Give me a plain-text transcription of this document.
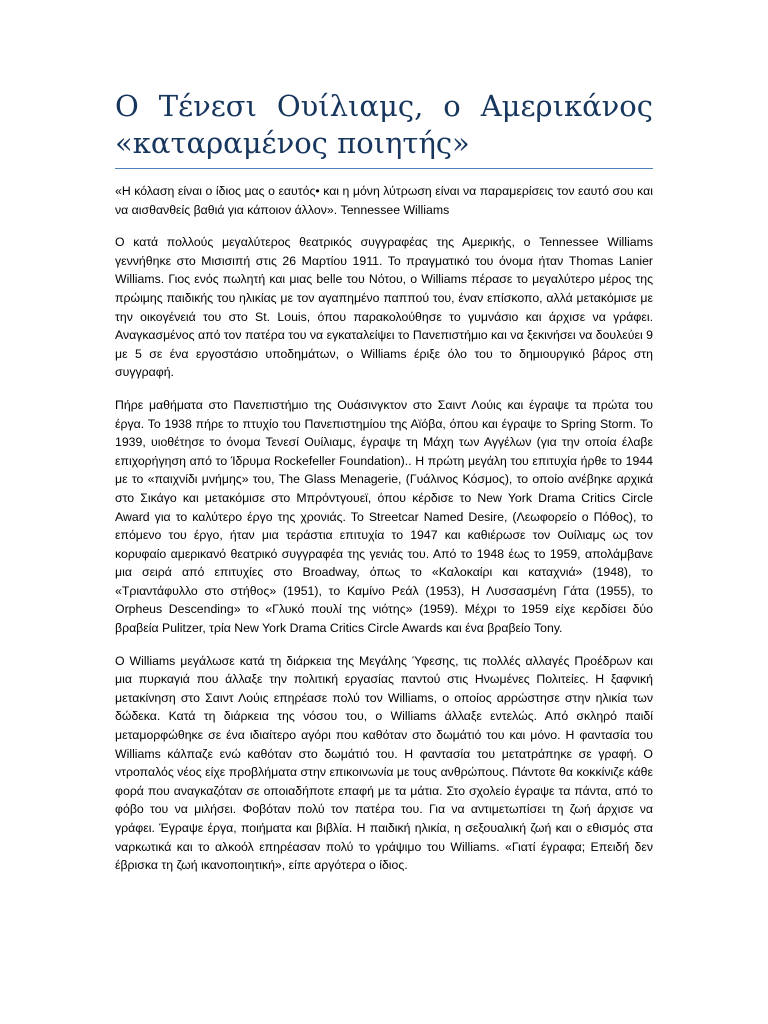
Ο Τένεσι Ουίλιαμς, ο Αμερικάνος «καταραμένος ποιητής»

«Η κόλαση είναι ο ίδιος μας ο εαυτός• και η μόνη λύτρωση είναι να παραμερίσεις τον εαυτό σου και να αισθανθείς βαθιά για κάποιον άλλον». Tennessee Williams

Ο κατά πολλούς μεγαλύτερος θεατρικός συγγραφέας της Αμερικής, ο Tennessee Williams γεννήθηκε στο Μισισιπή στις 26 Μαρτίου 1911. Το πραγματικό του όνομα ήταν Thomas Lanier Williams. Γιος ενός πωλητή και μιας belle του Νότου, ο Williams πέρασε το μεγαλύτερο μέρος της πρώιμης παιδικής του ηλικίας με τον αγαπημένο παππού του, έναν επίσκοπο, αλλά μετακόμισε με την οικογένειά του στο St. Louis, όπου παρακολούθησε το γυμνάσιο και άρχισε να γράφει. Αναγκασμένος από τον πατέρα του να εγκαταλείψει το Πανεπιστήμιο και να ξεκινήσει να δουλεύει 9 με 5 σε ένα εργοστάσιο υποδημάτων, ο Williams έριξε όλο του το δημιουργικό βάρος στη συγγραφή.

Πήρε μαθήματα στο Πανεπιστήμιο της Ουάσινγκτον στο Σαιντ Λούις και έγραψε τα πρώτα του έργα. Το 1938 πήρε το πτυχίο του Πανεπιστημίου της Αϊόβα, όπου και έγραψε το Spring Storm. Το 1939, υιοθέτησε το όνομα Τενεσί Ουίλιαμς, έγραψε τη Μάχη των Αγγέλων (για την οποία έλαβε επιχορήγηση από το Ίδρυμα Rockefeller Foundation).. Η πρώτη μεγάλη του επιτυχία ήρθε το 1944 με το «παιχνίδι μνήμης» του, The Glass Menagerie, (Γυάλινος Κόσμος), το οποίο ανέβηκε αρχικά στο Σικάγο και μετακόμισε στο Μπρόντγουεϊ, όπου κέρδισε το New York Drama Critics Circle Award για το καλύτερο έργο της χρονιάς. Το Streetcar Named Desire, (Λεωφορείο ο Πόθος), το επόμενο του έργο, ήταν μια τεράστια επιτυχία το 1947 και καθιέρωσε τον Ουίλιαμς ως τον κορυφαίο αμερικανό θεατρικό συγγραφέα της γενιάς του. Από το 1948 έως το 1959, απολάμβανε μια σειρά από επιτυχίες στο Broadway, όπως το «Καλοκαίρι και καταχνιά» (1948), το «Τριαντάφυλλο στο στήθος» (1951), το Καμίνο Ρεάλ (1953), Η Λυσσασμένη Γάτα (1955), το Orpheus Descending» το «Γλυκό πουλί της νιότης» (1959). Μέχρι το 1959 είχε κερδίσει δύο βραβεία Pulitzer, τρία New York Drama Critics Circle Awards και ένα βραβείο Tony.

Ο Williams μεγάλωσε κατά τη διάρκεια της Μεγάλης Ύφεσης, τις πολλές αλλαγές Προέδρων και μια πυρκαγιά που άλλαξε την πολιτική εργασίας παντού στις Ηνωμένες Πολιτείες. Η ξαφνική μετακίνηση στο Σαιντ Λούις επηρέασε πολύ τον Williams, ο οποίος αρρώστησε στην ηλικία των δώδεκα. Κατά τη διάρκεια της νόσου του, ο Williams άλλαξε εντελώς. Από σκληρό παιδί μεταμορφώθηκε σε ένα ιδιαίτερο αγόρι που καθόταν στο δωμάτιό του και μόνο. Η φαντασία του Williams κάλπαζε ενώ καθόταν στο δωμάτιό του. Η φαντασία του μετατράπηκε σε γραφή. Ο ντροπαλός νέος είχε προβλήματα στην επικοινωνία με τους ανθρώπους. Πάντοτε θα κοκκίνιζε κάθε φορά που αναγκαζόταν σε οποιαδήποτε επαφή με τα μάτια. Στο σχολείο έγραψε τα πάντα, από το φόβο του να μιλήσει. Φοβόταν πολύ τον πατέρα του. Για να αντιμετωπίσει τη ζωή άρχισε να γράφει. Έγραψε έργα, ποιήματα και βιβλία. Η παιδική ηλικία, η σεξουαλική ζωή και ο εθισμός στα ναρκωτικά και το αλκοόλ επηρέασαν πολύ το γράψιμο του Williams. «Γιατί έγραφα; Επειδή δεν έβρισκα τη ζωή ικανοποιητική», είπε αργότερα ο ίδιος.
